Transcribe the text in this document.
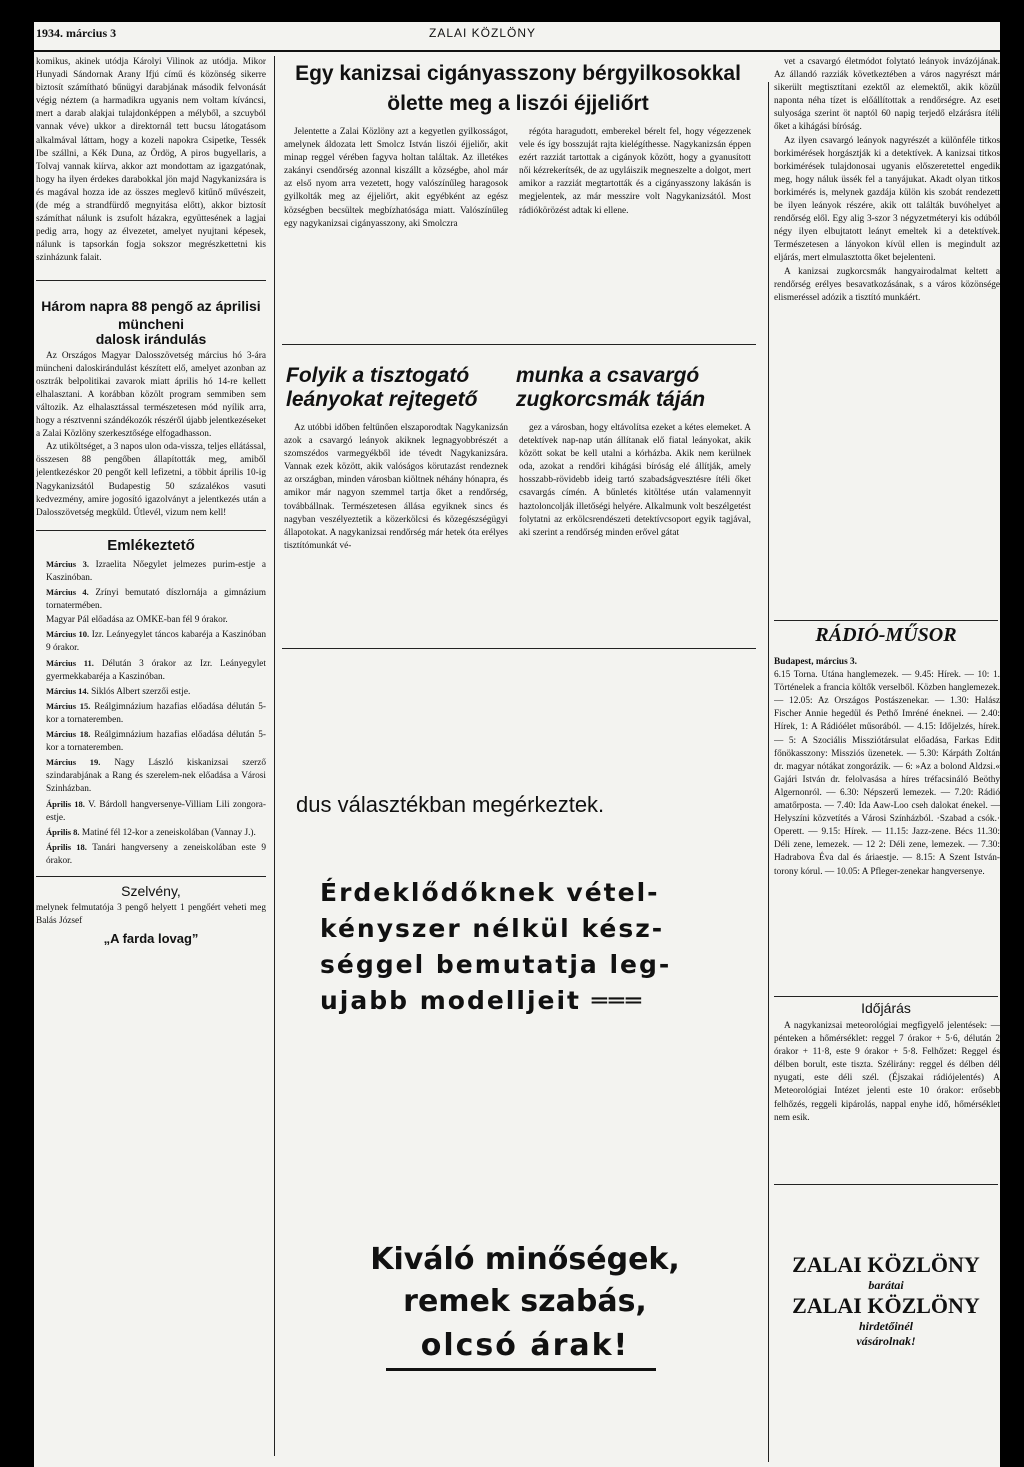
1934. március 3	ZALAI KÖZLÖNY

komikus, akinek utódja Károlyi Vilinok az utódja. Mikor Hunyadi Sándornak Arany Ifjú című és közönség sikerre biztosít számítható bűnügyi darabjának második felvonását végig néztem (a harmadikra ugyanis nem voltam kíváncsi, mert a darab alakjai tulajdonképpen a mélyből, a szcuyból vannak véve) ukkor a direktornál tett bucsu látogatásom alkalmával láttam, hogy a kozeli napokra Csipetke, Tessék Ibe szállni, a Kék Duna, az Ördög, A piros bugyellaris, a Tolvaj vannak kiírva, akkor azt mondottam az igazgatónak, hogy ha ilyen érdekes darabokkal jön majd Nagykanizsára is és magával hozza ide az összes meglevő kitűnő művészeit, (de még a strandfürdő megnyitása előtt), akkor biztosít számíthat nálunk is zsufolt házakra, együttesének a lagjai pedig arra, hogy az élvezetet, amelyet nyujtani képesek, nálunk is tapsorkán fogja sokszor megrészkettetni kis szinházunk falait.

Három napra 88 pengő az áprilisi müncheni
dalosk irándulás

Az Országos Magyar Dalosszövetség március hó 3-ára müncheni daloskirándulást készített elő, amelyet azonban az osztrák belpolitikai zavarok miatt április hó 14-re kellett elhalasztani. A korábban közölt program semmiben sem változik. Az elhalasztással természetesen mód nyílik arra, hogy a résztvenni szándékozók részéről újabb jelentkezéseket a Zalai Közlöny szerkesztősége elfogadhasson.

Az utiköltséget, a 3 napos ulon oda-vissza, teljes ellátással, összesen 88 pengőben állapították meg, amiből jelentkezéskor 20 pengőt kell lefizetni, a többit április 10-ig Nagykanizsától Budapestig 50 százalékos vasuti kedvezmény, amire jogosító igazolványt a jelentkezés után a Dalosszövetség megküld. Útlevél, vizum nem kell!

Emlékeztető

Március 3. Izraelita Nőegylet jelmezes purim-estje a Kaszinóban.

Március 4. Zrínyi bemutató díszlornája a gimnázium tornatermében.

Magyar Pál előadása az OMKE-ban fél 9 órakor.

Március 10. Izr. Leányegylet táncos kabaréja a Kaszinóban 9 órakor.

Március 11. Délután 3 órakor az Izr. Leányegylet gyermekkabaréja a Kaszinóban.

Március 14. Siklós Albert szerzői estje.

Március 15. Reálgimnázium hazafias előadása délután 5-kor a tornateremben.

Március 18. Reálgimnázium hazafias előadása délután 5-kor a tornateremben.

Március 19. Nagy László kiskanizsai szerző szindarabjának a Rang és szerelem-nek előadása a Városi Szinházban.

Április 18. V. Bárdoll hangversenye-Villiam Lili zongora-estje.

Április 8. Matiné fél 12-kor a zeneiskolában (Vannay J.).

Április 18. Tanári hangverseny a zeneiskolában este 9 órakor.

Szelvény,

melynek felmutatója 3 pengő helyett 1 pengőért veheti meg Balás József

„A farda lovag”
Egy kanizsai cigányasszony bérgyilkosokkal
ölette meg a liszói éjjeliőrt

Jelentette a Zalai Közlöny azt a kegyetlen gyilkosságot, amelynek áldozata lett Smolcz István liszói éjjeliőr, akit minap reggel vérében fagyva holtan találtak. Az illetékes zakányi csendőrség azonnal kiszállt a községbe, ahol már az első nyom arra vezetett, hogy valószínűleg haragosok gyilkolták meg az éjjeliőrt, akit egyébként az egész községben becsültek megbízhatósága miatt. Valószínűleg egy nagykanizsai cigányasszony, aki Smolczra

régóta haragudott, emberekel bérelt fel, hogy végezzenek vele és így bosszuját rajta kielégíthesse. Nagykanizsán éppen ezért razziát tartottak a cigányok között, hogy a gyanusított női kézrekerítsék, de az ugyláiszik megneszelte a dolgot, mert amikor a razziát megtartották és a cigányasszony lakásán is megjelentek, az már messzire volt Nagykanizsától. Most rádiókörözést adtak ki ellene.

Folyik a tisztogató
leányokat rejtegető
munka a csavargó
zugkorcsmák táján

Az utóbbi időben feltűnően elszaporodtak Nagykanizsán azok a csavargó leányok akiknek legnagyobbrészét a szomszédos varmegyékből ide tévedt Nagykanizsára. Vannak ezek között, akik valóságos körutazást rendeznek az országban, minden városban kiöltnek néhány hónapra, és amikor már nagyon szemmel tartja őket a rendőrség, továbbállnak. Természetesen állása egyiknek sincs és nagyban veszélyeztetik a közerkölcsi és közegészségügyi állapotokat. A nagykanizsai rendőrség már hetek óta erélyes tisztítómunkát vé-

gez a városban, hogy eltávolítsa ezeket a kétes elemeket. A detektívek nap-nap után állítanak elő fiatal leányokat, akik között sokat be kell utalni a kórházba. Akik nem kerülnek oda, azokat a rendőri kihágási bíróság elé állítják, amely hosszabb-rövidebb ideig tartó szabadságvesztésre ítéli őket csavargás címén. A bűnletés kitöltése után valamennyit haztoloncolják illetőségi helyére. Alkalmunk volt beszélgetést folytatni az erkölcsrendészeti detektívcsoport egyik tagjával, aki szerint a rendőrség minden erővel gátat

dus választékban megérkeztek.
Érdeklődőknek vétel-
kényszer nélkül kész-
séggel bemutatja leg-
ujabb modelljeit ═══
Kiváló minőségek,
remek szabás,
olcsó árak!

vet a csavargó életmódot folytató leányok invázójának. Az állandó razziák következtében a város nagyrészt már sikerült megtisztítani ezektől az elemektől, akik közül naponta néha tízet is előállítottak a rendőrségre. Az eset sulyosága szerint öt naptól 60 napig terjedő elzárásra ítéli őket a kihágási bíróság.

Az ilyen csavargó leányok nagyrészét a különféle titkos borkimérések horgásztják ki a detektívek. A kanizsai titkos borkimérések tulajdonosai ugyanis előszeretettel engedik meg, hogy náluk üssék fel a tanyájukat. Akadt olyan titkos borkimérés is, melynek gazdája külön kis szobát rendezett be ilyen leányok részére, akik ott találták buvóhelyet a rendőrség elől. Egy alig 3-szor 3 négyzetméteryi kis odúból négy ilyen elbujtatott leányt emeltek ki a detektívek. Természetesen a lányokon kívül ellen is megindult az eljárás, mert elmulasztotta őket bejelenteni.

A kanizsai zugkorcsmák hangyairodalmat keltett a rendőrség erélyes besavatkozásának, s a város közönsége elismeréssel adózik a tisztító munkáért.

RÁDIÓ-MŰSOR

Budapest, március 3.

6.15 Torna. Utána hanglemezek. — 9.45: Hírek. — 10: 1. Történelek a francia költők verselből. Közben hanglemezek. — 12.05: Az Országos Postászenekar. — 1.30: Halász Fischer Annie hegedül és Pethő Imréné éneknei. — 2.40: Hírek, 1: A Rádióélet műsorából. — 4.15: Időjelzés, hírek. — 5: A Szociális Missziótársulat előadása, Farkas Edit főnökasszony: Missziós üzenetek. — 5.30: Kárpáth Zoltán dr. magyar nótákat zongorázik. — 6: »Az a bolond Aldzsi.« Gajári István dr. felolvasása a híres tréfacsináló Beöthy Algernonról. — 6.30: Népszerű lemezek. — 7.20: Rádió amatőrposta. — 7.40: Ida Aaw-Loo cseh dalokat énekel. — Helyszíni közvetítés a Városi Színházból. ·Szabad a csók.· Operett. — 9.15: Hírek. — 11.15: Jazz-zene. Bécs 11.30: Déli zene, lemezek. — 12 2: Déli zene, lemezek. — 7.30: Hadrabova Éva dal és áriaestje. — 8.15: A Szent István-torony kórul. — 10.05: A Pfleger-zenekar hangversenye.

Időjárás

A nagykanizsai meteorológiai megfigyelő jelentések: — pénteken a hőmérséklet: reggel 7 órakor + 5·6, délután 2 órakor + 11·8, este 9 órakor + 5·8. Felhőzet: Reggel és délben borult, este tiszta. Szélirány: reggel és délben dél nyugati, este déli szél. (Éjszakai rádiójelentés) A Meteorológiai Intézet jelenti este 10 órakor: erősebb felhőzés, reggeli kipárolás, nappal enyhe idő, hőmérséklet nem esik.

ZALAI KÖZLÖNY
barátai
ZALAI KÖZLÖNY
hirdetőinél
vásárolnak!
